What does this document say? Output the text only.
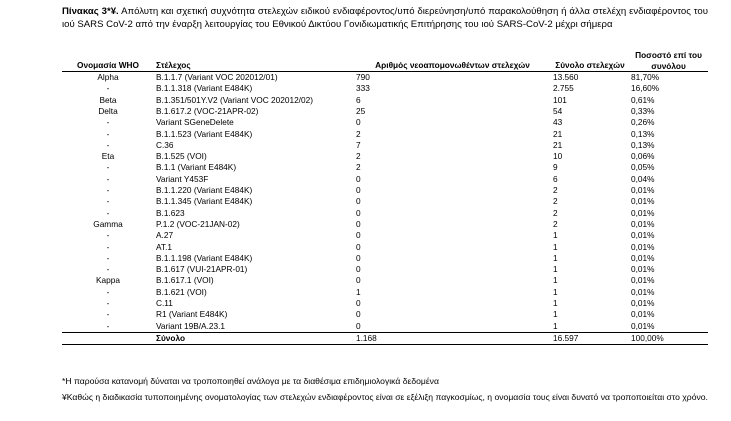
Πίνακας 3*¥. Απόλυτη και σχετική συχνότητα στελεχών ειδικού ενδιαφέροντος/υπό διερεύνηση/υπό παρακολούθηση ή άλλα στελέχη ενδιαφέροντος του ιού SARS CoV-2 από την έναρξη λειτουργίας του Εθνικού Δικτύου Γονιδιωματικής Επιτήρησης του ιού SARS-CoV-2 μέχρι σήμερα
Ονομασία WHO	Στέλεχος	Αριθμός νεοαπομονωθέντων στελεχών	Σύνολο στελεχών	Ποσοστό επί του συνόλου
Alpha	B.1.1.7 (Variant VOC 202012/01)	790	13.560	81,70%
-	B.1.1.318 (Variant E484K)	333	2.755	16,60%
Beta	B.1.351/501Y.V2 (Variant VOC 202012/02)	6	101	0,61%
Delta	B.1.617.2 (VOC-21APR-02)	25	54	0,33%
-	Variant SGeneDelete	0	43	0,26%
-	B.1.1.523 (Variant E484K)	2	21	0,13%
-	C.36	7	21	0,13%
Eta	B.1.525 (VOI)	2	10	0,06%
-	B.1.1 (Variant E484K)	2	9	0,05%
-	Variant Y453F	0	6	0,04%
-	B.1.1.220 (Variant E484K)	0	2	0,01%
-	B.1.1.345 (Variant E484K)	0	2	0,01%
-	B.1.623	0	2	0,01%
Gamma	P.1.2 (VOC-21JAN-02)	0	2	0,01%
-	A.27	0	1	0,01%
-	AT.1	0	1	0,01%
-	B.1.1.198 (Variant E484K)	0	1	0,01%
-	B.1.617 (VUI-21APR-01)	0	1	0,01%
Kappa	B.1.617.1 (VOI)	0	1	0,01%
-	B.1.621 (VOI)	1	1	0,01%
-	C.11	0	1	0,01%
-	R1 (Variant E484K)	0	1	0,01%
-	Variant 19B/A.23.1	0	1	0,01%
	Σύνολο	1.168	16.597	100,00%

*Η παρούσα κατανομή δύναται να τροποποιηθεί ανάλογα με τα διαθέσιμα επιδημιολογικά δεδομένα

¥Καθώς η διαδικασία τυποποιημένης ονοματολογίας των στελεχών ενδιαφέροντος είναι σε εξέλιξη παγκοσμίως, η ονομασία τους είναι δυνατό να τροποποιείται στο χρόνο.
